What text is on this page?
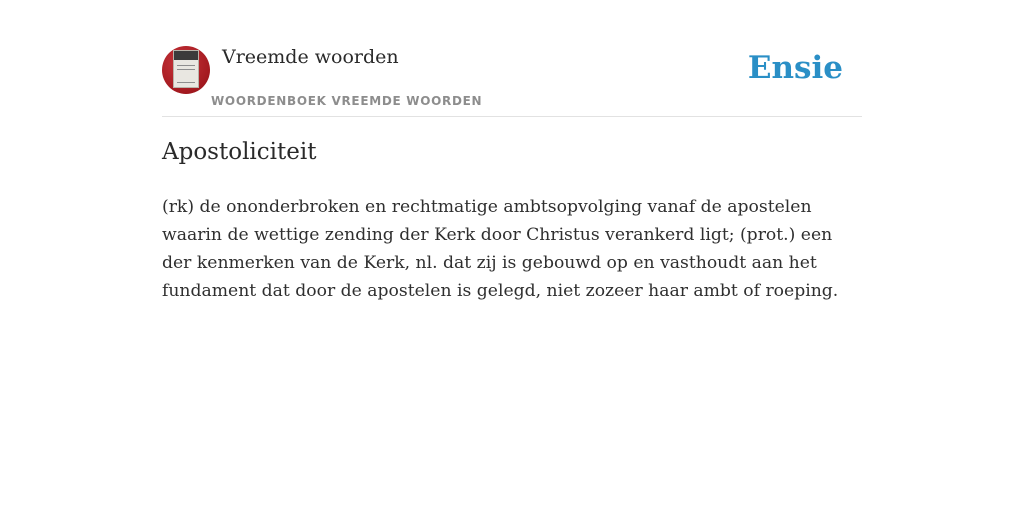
Vreemde woorden
WOORDENBOEK VREEMDE WOORDEN
Ensie
Apostoliciteit

(rk) de ononderbroken en rechtmatige ambtsopvolging vanaf de apostelen waarin de wettige zending der Kerk door Christus verankerd ligt; (prot.) een der kenmerken van de Kerk, nl. dat zij is gebouwd op en vasthoudt aan het fundament dat door de apostelen is gelegd, niet zozeer haar ambt of roeping.
